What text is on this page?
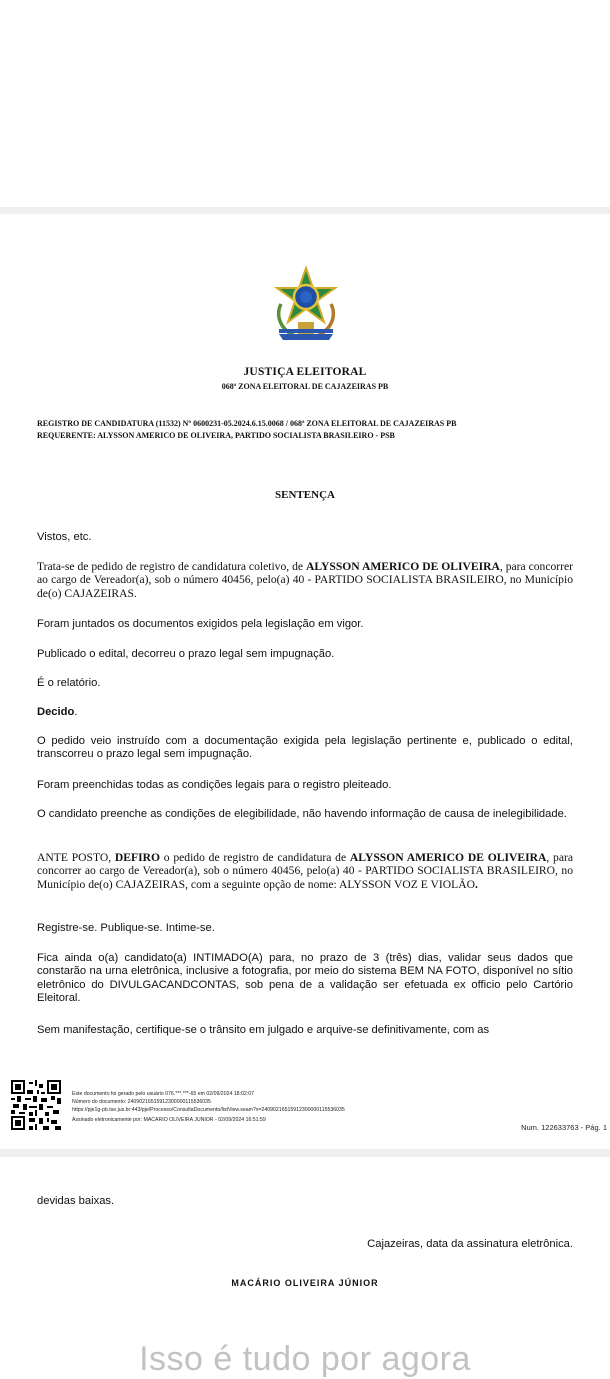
JUSTIÇA ELEITORAL
068ª ZONA ELEITORAL DE CAJAZEIRAS PB
REGISTRO DE CANDIDATURA (11532) Nº 0600231-05.2024.6.15.0068 / 068ª ZONA ELEITORAL DE CAJAZEIRAS PB
REQUERENTE: ALYSSON AMERICO DE OLIVEIRA, PARTIDO SOCIALISTA BRASILEIRO - PSB
SENTENÇA
Vistos, etc.
Trata-se de pedido de registro de candidatura coletivo, de ALYSSON AMERICO DE OLIVEIRA, para concorrer ao cargo de Vereador(a), sob o número 40456, pelo(a) 40 - PARTIDO SOCIALISTA BRASILEIRO, no Município de(o) CAJAZEIRAS.
Foram juntados os documentos exigidos pela legislação em vigor.
Publicado o edital, decorreu o prazo legal sem impugnação.
É o relatório.
Decido.
O pedido veio instruído com a documentação exigida pela legislação pertinente e, publicado o edital, transcorreu o prazo legal sem impugnação.
Foram preenchidas todas as condições legais para o registro pleiteado.
O candidato preenche as condições de elegibilidade, não havendo informação de causa de inelegibilidade.
ANTE POSTO, DEFIRO o pedido de registro de candidatura de ALYSSON AMERICO DE OLIVEIRA, para concorrer ao cargo de Vereador(a), sob o número 40456, pelo(a) 40 - PARTIDO SOCIALISTA BRASILEIRO, no Município de(o) CAJAZEIRAS, com a seguinte opção de nome: ALYSSON VOZ E VIOLÃO.
Registre-se. Publique-se. Intime-se.
Fica ainda o(a) candidato(a) INTIMADO(A) para, no prazo de 3 (três) dias, validar seus dados que constarão na urna eletrônica, inclusive a fotografia, por meio do sistema BEM NA FOTO, disponível no sítio eletrônico do DIVULGACANDCONTAS, sob pena de a validação ser efetuada ex officio pelo Cartório Eleitoral.
Sem manifestação, certifique-se o trânsito em julgado e arquive-se definitivamente, com as
Este documento foi gerado pelo usuário 076.***.***-65 em 02/09/2024 18:02:07
Número do documento: 24090216515912300000115536035
https://pje1g-pb.tse.jus.br:443/pje/Processo/ConsultaDocumento/listView.seam?x=24090216515912300000115536035
Assinado eletronicamente por: MACARIO OLIVEIRA JUNIOR - 02/09/2024 16:51:59
Num. 122633763 - Pág. 1
devidas baixas.
Cajazeiras, data da assinatura eletrônica.
MACÁRIO OLIVEIRA JÚNIOR
Isso é tudo por agora
